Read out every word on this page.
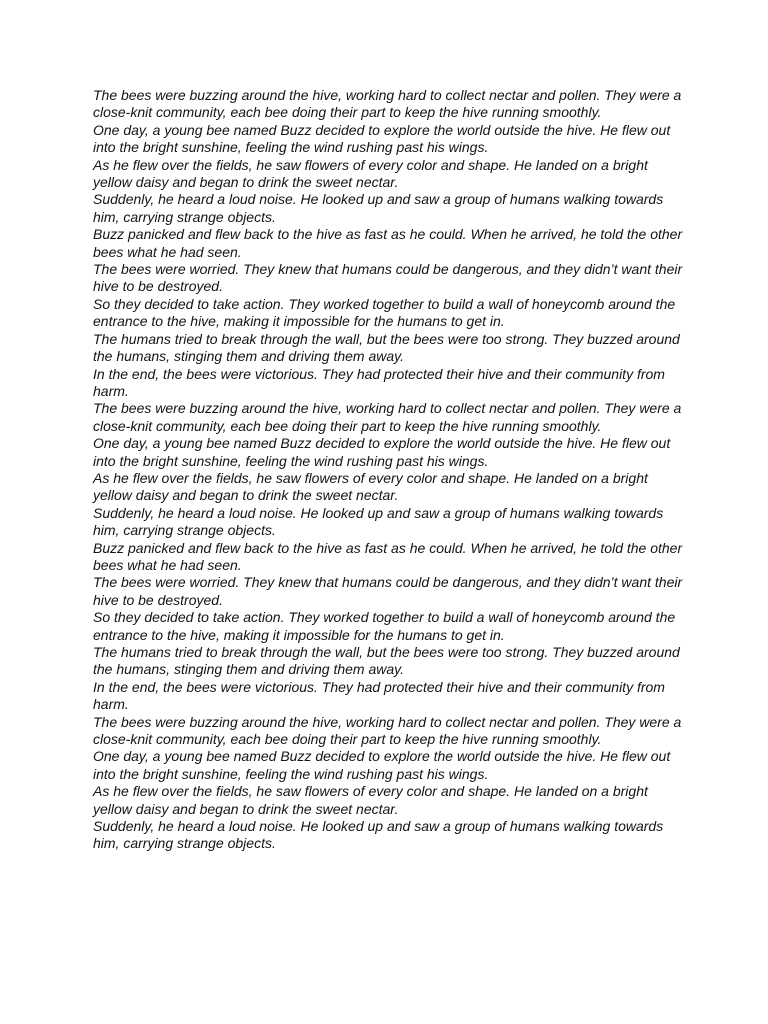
The bees were buzzing around the hive, working hard to collect nectar and pollen. They were a close-knit community, each bee doing their part to keep the hive running smoothly.

One day, a young bee named Buzz decided to explore the world outside the hive. He flew out into the bright sunshine, feeling the wind rushing past his wings.

As he flew over the fields, he saw flowers of every color and shape. He landed on a bright yellow daisy and began to drink the sweet nectar.

Suddenly, he heard a loud noise. He looked up and saw a group of humans walking towards him, carrying strange objects.

Buzz panicked and flew back to the hive as fast as he could. When he arrived, he told the other bees what he had seen.

The bees were worried. They knew that humans could be dangerous, and they didn’t want their hive to be destroyed.

So they decided to take action. They worked together to build a wall of honeycomb around the entrance to the hive, making it impossible for the humans to get in.

The humans tried to break through the wall, but the bees were too strong. They buzzed around the humans, stinging them and driving them away.

In the end, the bees were victorious. They had protected their hive and their community from harm.

The bees were buzzing around the hive, working hard to collect nectar and pollen. They were a close-knit community, each bee doing their part to keep the hive running smoothly.

One day, a young bee named Buzz decided to explore the world outside the hive. He flew out into the bright sunshine, feeling the wind rushing past his wings.

As he flew over the fields, he saw flowers of every color and shape. He landed on a bright yellow daisy and began to drink the sweet nectar.

Suddenly, he heard a loud noise. He looked up and saw a group of humans walking towards him, carrying strange objects.

Buzz panicked and flew back to the hive as fast as he could. When he arrived, he told the other bees what he had seen.

The bees were worried. They knew that humans could be dangerous, and they didn’t want their hive to be destroyed.

So they decided to take action. They worked together to build a wall of honeycomb around the entrance to the hive, making it impossible for the humans to get in.

The humans tried to break through the wall, but the bees were too strong. They buzzed around the humans, stinging them and driving them away.

In the end, the bees were victorious. They had protected their hive and their community from harm.

The bees were buzzing around the hive, working hard to collect nectar and pollen. They were a close-knit community, each bee doing their part to keep the hive running smoothly.

One day, a young bee named Buzz decided to explore the world outside the hive. He flew out into the bright sunshine, feeling the wind rushing past his wings.

As he flew over the fields, he saw flowers of every color and shape. He landed on a bright yellow daisy and began to drink the sweet nectar.

Suddenly, he heard a loud noise. He looked up and saw a group of humans walking towards him, carrying strange objects.
